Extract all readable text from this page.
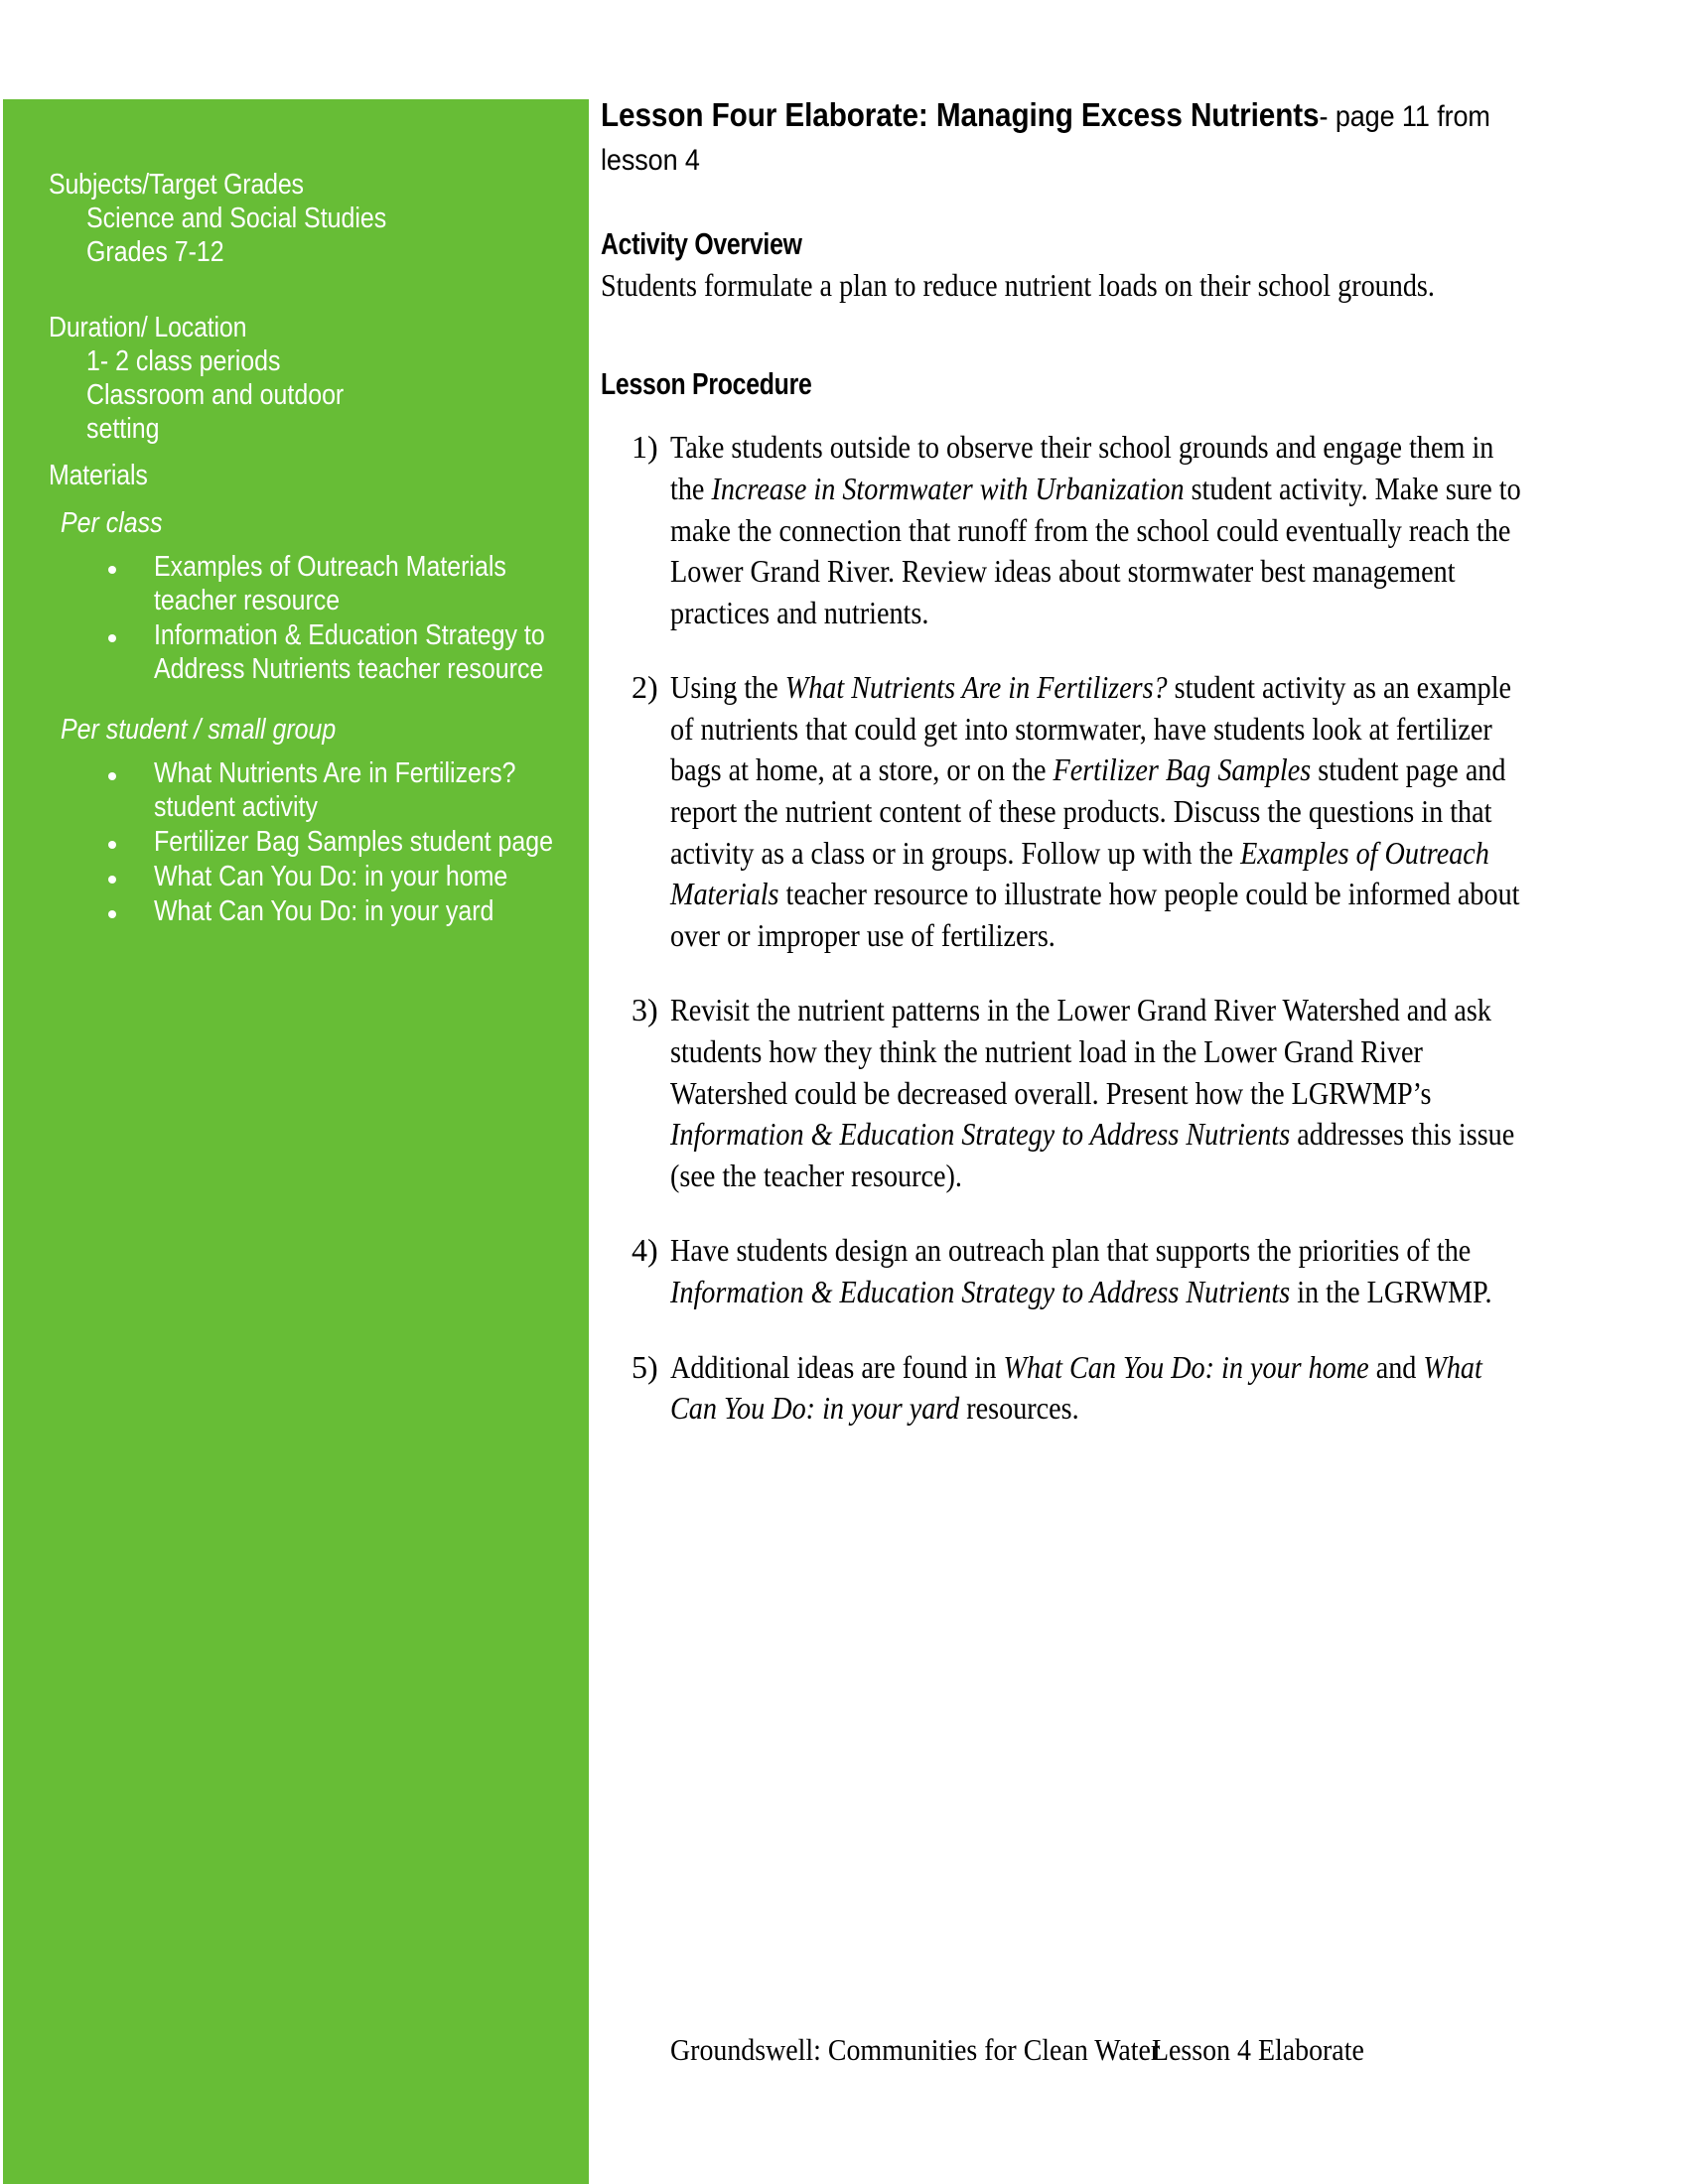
Subjects/Target Grades
Science and Social Studies
Grades 7-12
Duration/ Location
1- 2 class periods
Classroom and outdoor
setting
Materials
Per class
Examples of Outreach Materials teacher resource
Information & Education Strategy to Address Nutrients teacher resource
Per student / small group
What Nutrients Are in Fertilizers? student activity
Fertilizer Bag Samples student page
What Can You Do: in your home
What Can You Do: in your yard
Lesson Four Elaborate: Managing Excess Nutrients- page 11 from lesson 4
Activity Overview

Students formulate a plan to reduce nutrient loads on their school grounds.

Lesson Procedure
1) Take students outside to observe their school grounds and engage them in the Increase in Stormwater with Urbanization student activity. Make sure to make the connection that runoff from the school could eventually reach the Lower Grand River. Review ideas about stormwater best management practices and nutrients.
2) Using the What Nutrients Are in Fertilizers? student activity as an example of nutrients that could get into stormwater, have students look at fertilizer bags at home, at a store, or on the Fertilizer Bag Samples student page and report the nutrient content of these products. Discuss the questions in that activity as a class or in groups. Follow up with the Examples of Outreach Materials teacher resource to illustrate how people could be informed about over or improper use of fertilizers.
3) Revisit the nutrient patterns in the Lower Grand River Watershed and ask students how they think the nutrient load in the Lower Grand River Watershed could be decreased overall. Present how the LGRWMP’s Information & Education Strategy to Address Nutrients addresses this issue (see the teacher resource).
4) Have students design an outreach plan that supports the priorities of the Information & Education Strategy to Address Nutrients in the LGRWMP.
5) Additional ideas are found in What Can You Do: in your home and What Can You Do: in your yard resources.
Groundswell: Communities for Clean Water
Lesson 4 Elaborate
